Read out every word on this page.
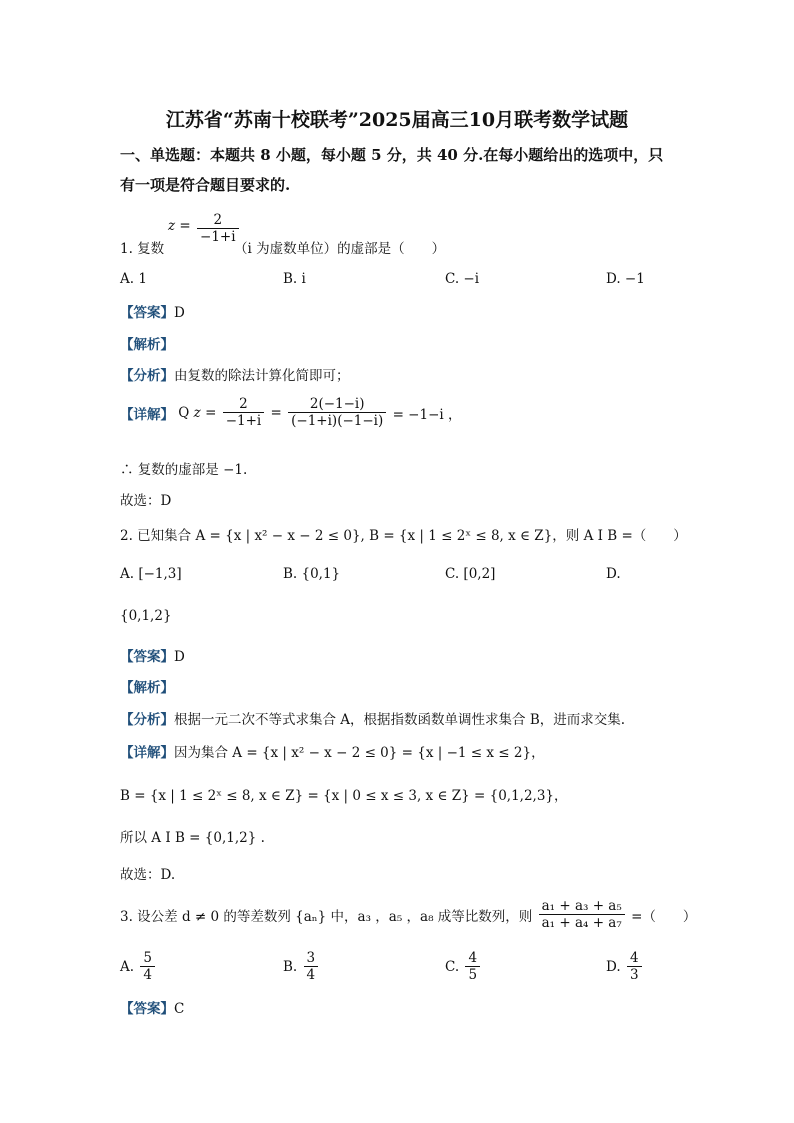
江苏省“苏南十校联考”2025届高三10月联考数学试题
一、单选题：本题共 8 小题，每小题 5 分，共 40 分.在每小题给出的选项中，只
有一项是符合题目要求的.
$z = \frac{2}{-1+i}$
1. 复数	（i 为虚数单位）的虚部是（　　）
A. 1	B. i	C. −i	D. −1
【答案】D
【解析】
【分析】由复数的除法计算化简即可；
【详解】 Q $z = \frac{2}{-1+i} = \frac{2(-1-i)}{(-1+i)(-1-i)} = -1-i$ ，
∴ 复数的虚部是 −1.
故选：D
2. 已知集合 A = {x | x² − x − 2 ≤ 0}, B = {x | 1 ≤ 2ˣ ≤ 8, x ∈ Z}，则 A I B =（　　）
A. [−1,3]	B. {0,1}	C. [0,2]	D.
{0,1,2}
【答案】D
【解析】
【分析】根据一元二次不等式求集合 A，根据指数函数单调性求集合 B，进而求交集.
【详解】因为集合 A = {x | x² − x − 2 ≤ 0} = {x | −1 ≤ x ≤ 2}，
B = {x | 1 ≤ 2ˣ ≤ 8, x ∈ Z} = {x | 0 ≤ x ≤ 3, x ∈ Z} = {0,1,2,3}，
所以 A I B = {0,1,2} .
故选：D.
3. 设公差 d ≠ 0 的等差数列 {aₙ} 中，a₃ ，a₅ ，a₈ 成等比数列，则 $\frac{\text{a₁ + a₃ + a₅}}{\text{a₁ + a₄ + a₇}}$ =（　　）
A. $\frac{5}{4}$	B. $\frac{3}{4}$	C. $\frac{4}{5}$	D. $\frac{4}{3}$
【答案】C
